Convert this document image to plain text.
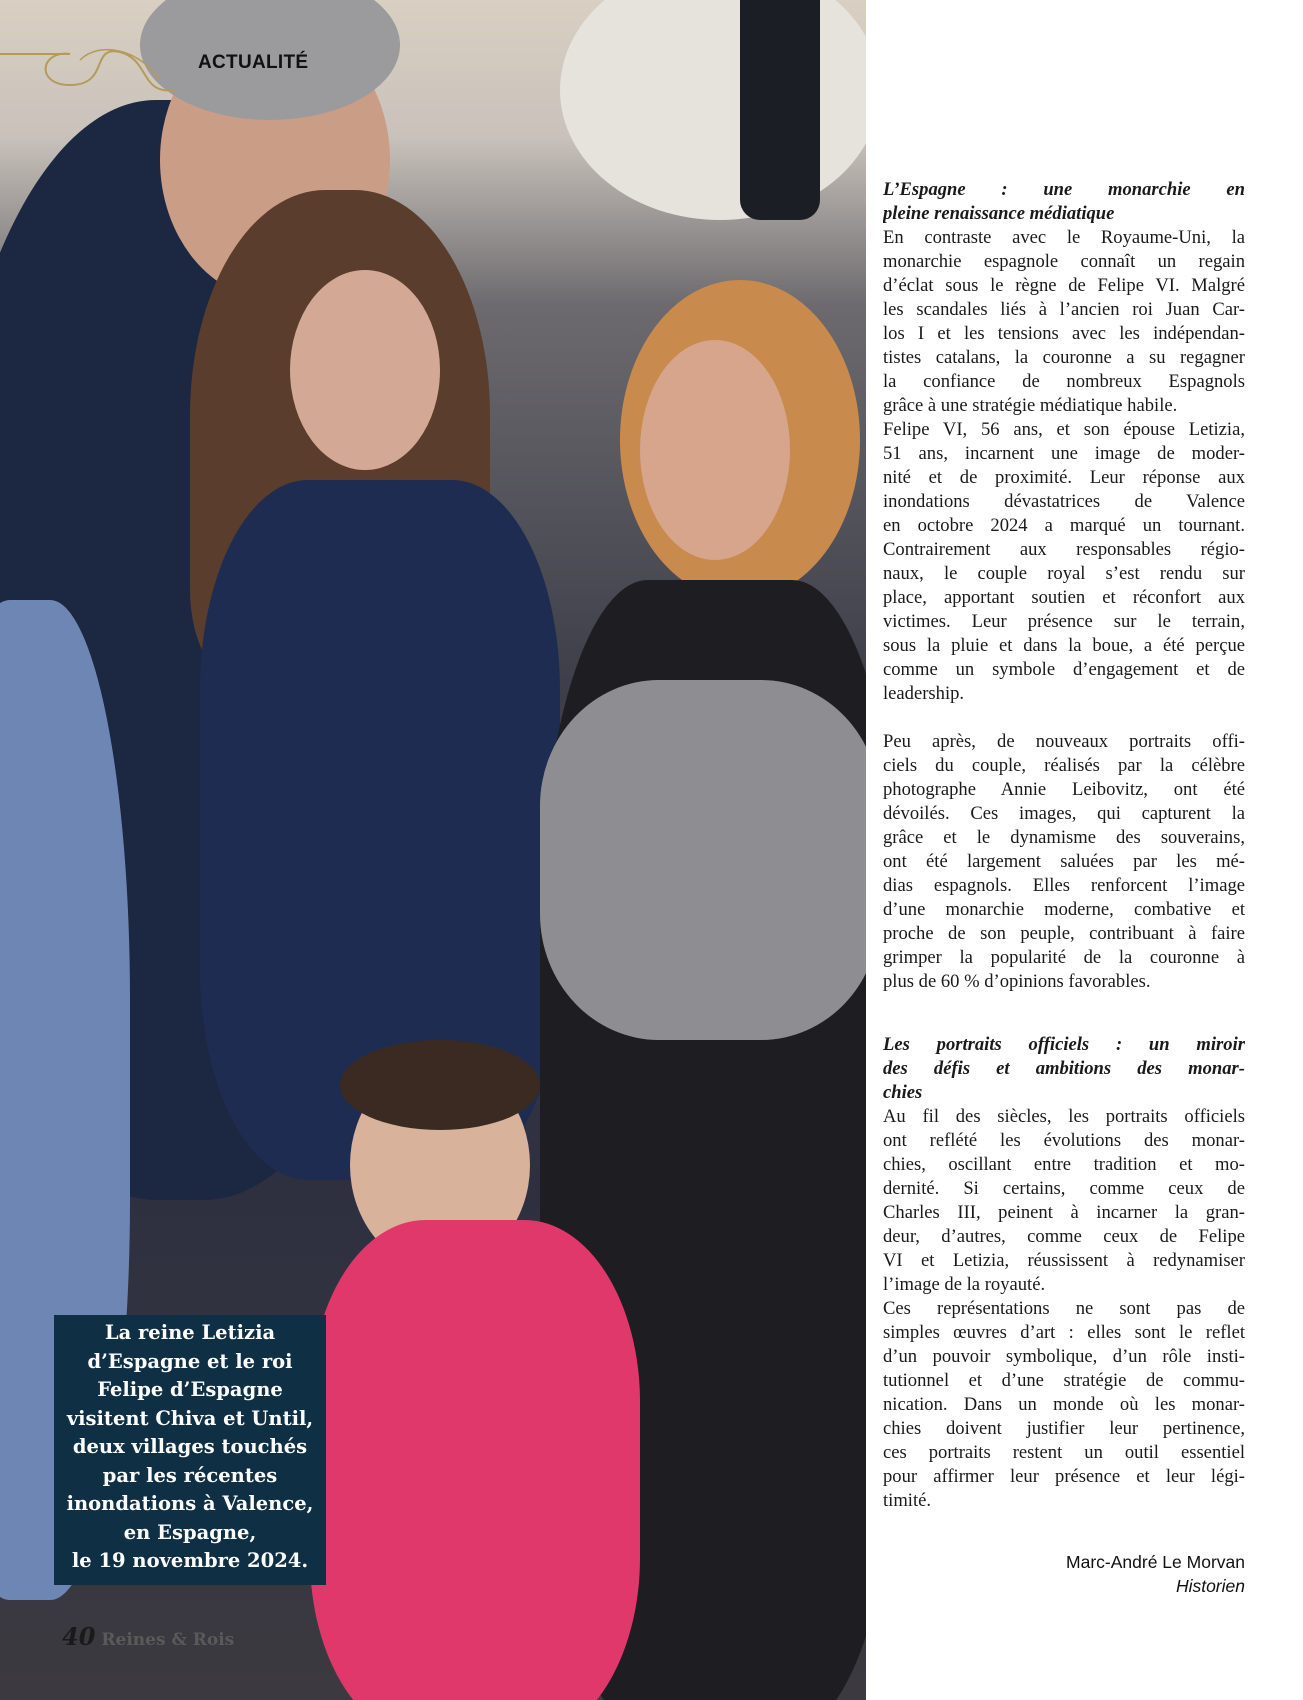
ACTUALITÉ
La reine Letizia
d’Espagne et le roi
Felipe d’Espagne
visitent Chiva et Until,
deux villages touchés
par les récentes
inondations à Valence,
en Espagne,
le 19 novembre 2024.
40 Reines & Rois
L’Espagne : une monarchie en
pleine renaissance médiatique
En contraste avec le Royaume-Uni, la
monarchie espagnole connaît un regain
d’éclat sous le règne de Felipe VI. Malgré
les scandales liés à l’ancien roi Juan Car-
los I et les tensions avec les indépendan-
tistes catalans, la couronne a su regagner
la confiance de nombreux Espagnols
grâce à une stratégie médiatique habile.
Felipe VI, 56 ans, et son épouse Letizia,
51 ans, incarnent une image de moder-
nité et de proximité. Leur réponse aux
inondations dévastatrices de Valence
en octobre 2024 a marqué un tournant.
Contrairement aux responsables régio-
naux, le couple royal s’est rendu sur
place, apportant soutien et réconfort aux
victimes. Leur présence sur le terrain,
sous la pluie et dans la boue, a été perçue
comme un symbole d’engagement et de
leadership.
Peu après, de nouveaux portraits offi-
ciels du couple, réalisés par la célèbre
photographe Annie Leibovitz, ont été
dévoilés. Ces images, qui capturent la
grâce et le dynamisme des souverains,
ont été largement saluées par les mé-
dias espagnols. Elles renforcent l’image
d’une monarchie moderne, combative et
proche de son peuple, contribuant à faire
grimper la popularité de la couronne à
plus de 60 % d’opinions favorables.
Les portraits officiels : un miroir
des défis et ambitions des monar-
chies
Au fil des siècles, les portraits officiels
ont reflété les évolutions des monar-
chies, oscillant entre tradition et mo-
dernité. Si certains, comme ceux de
Charles III, peinent à incarner la gran-
deur, d’autres, comme ceux de Felipe
VI et Letizia, réussissent à redynamiser
l’image de la royauté.
Ces représentations ne sont pas de
simples œuvres d’art : elles sont le reflet
d’un pouvoir symbolique, d’un rôle insti-
tutionnel et d’une stratégie de commu-
nication. Dans un monde où les monar-
chies doivent justifier leur pertinence,
ces portraits restent un outil essentiel
pour affirmer leur présence et leur légi-
timité.
Marc-André Le Morvan
Historien
